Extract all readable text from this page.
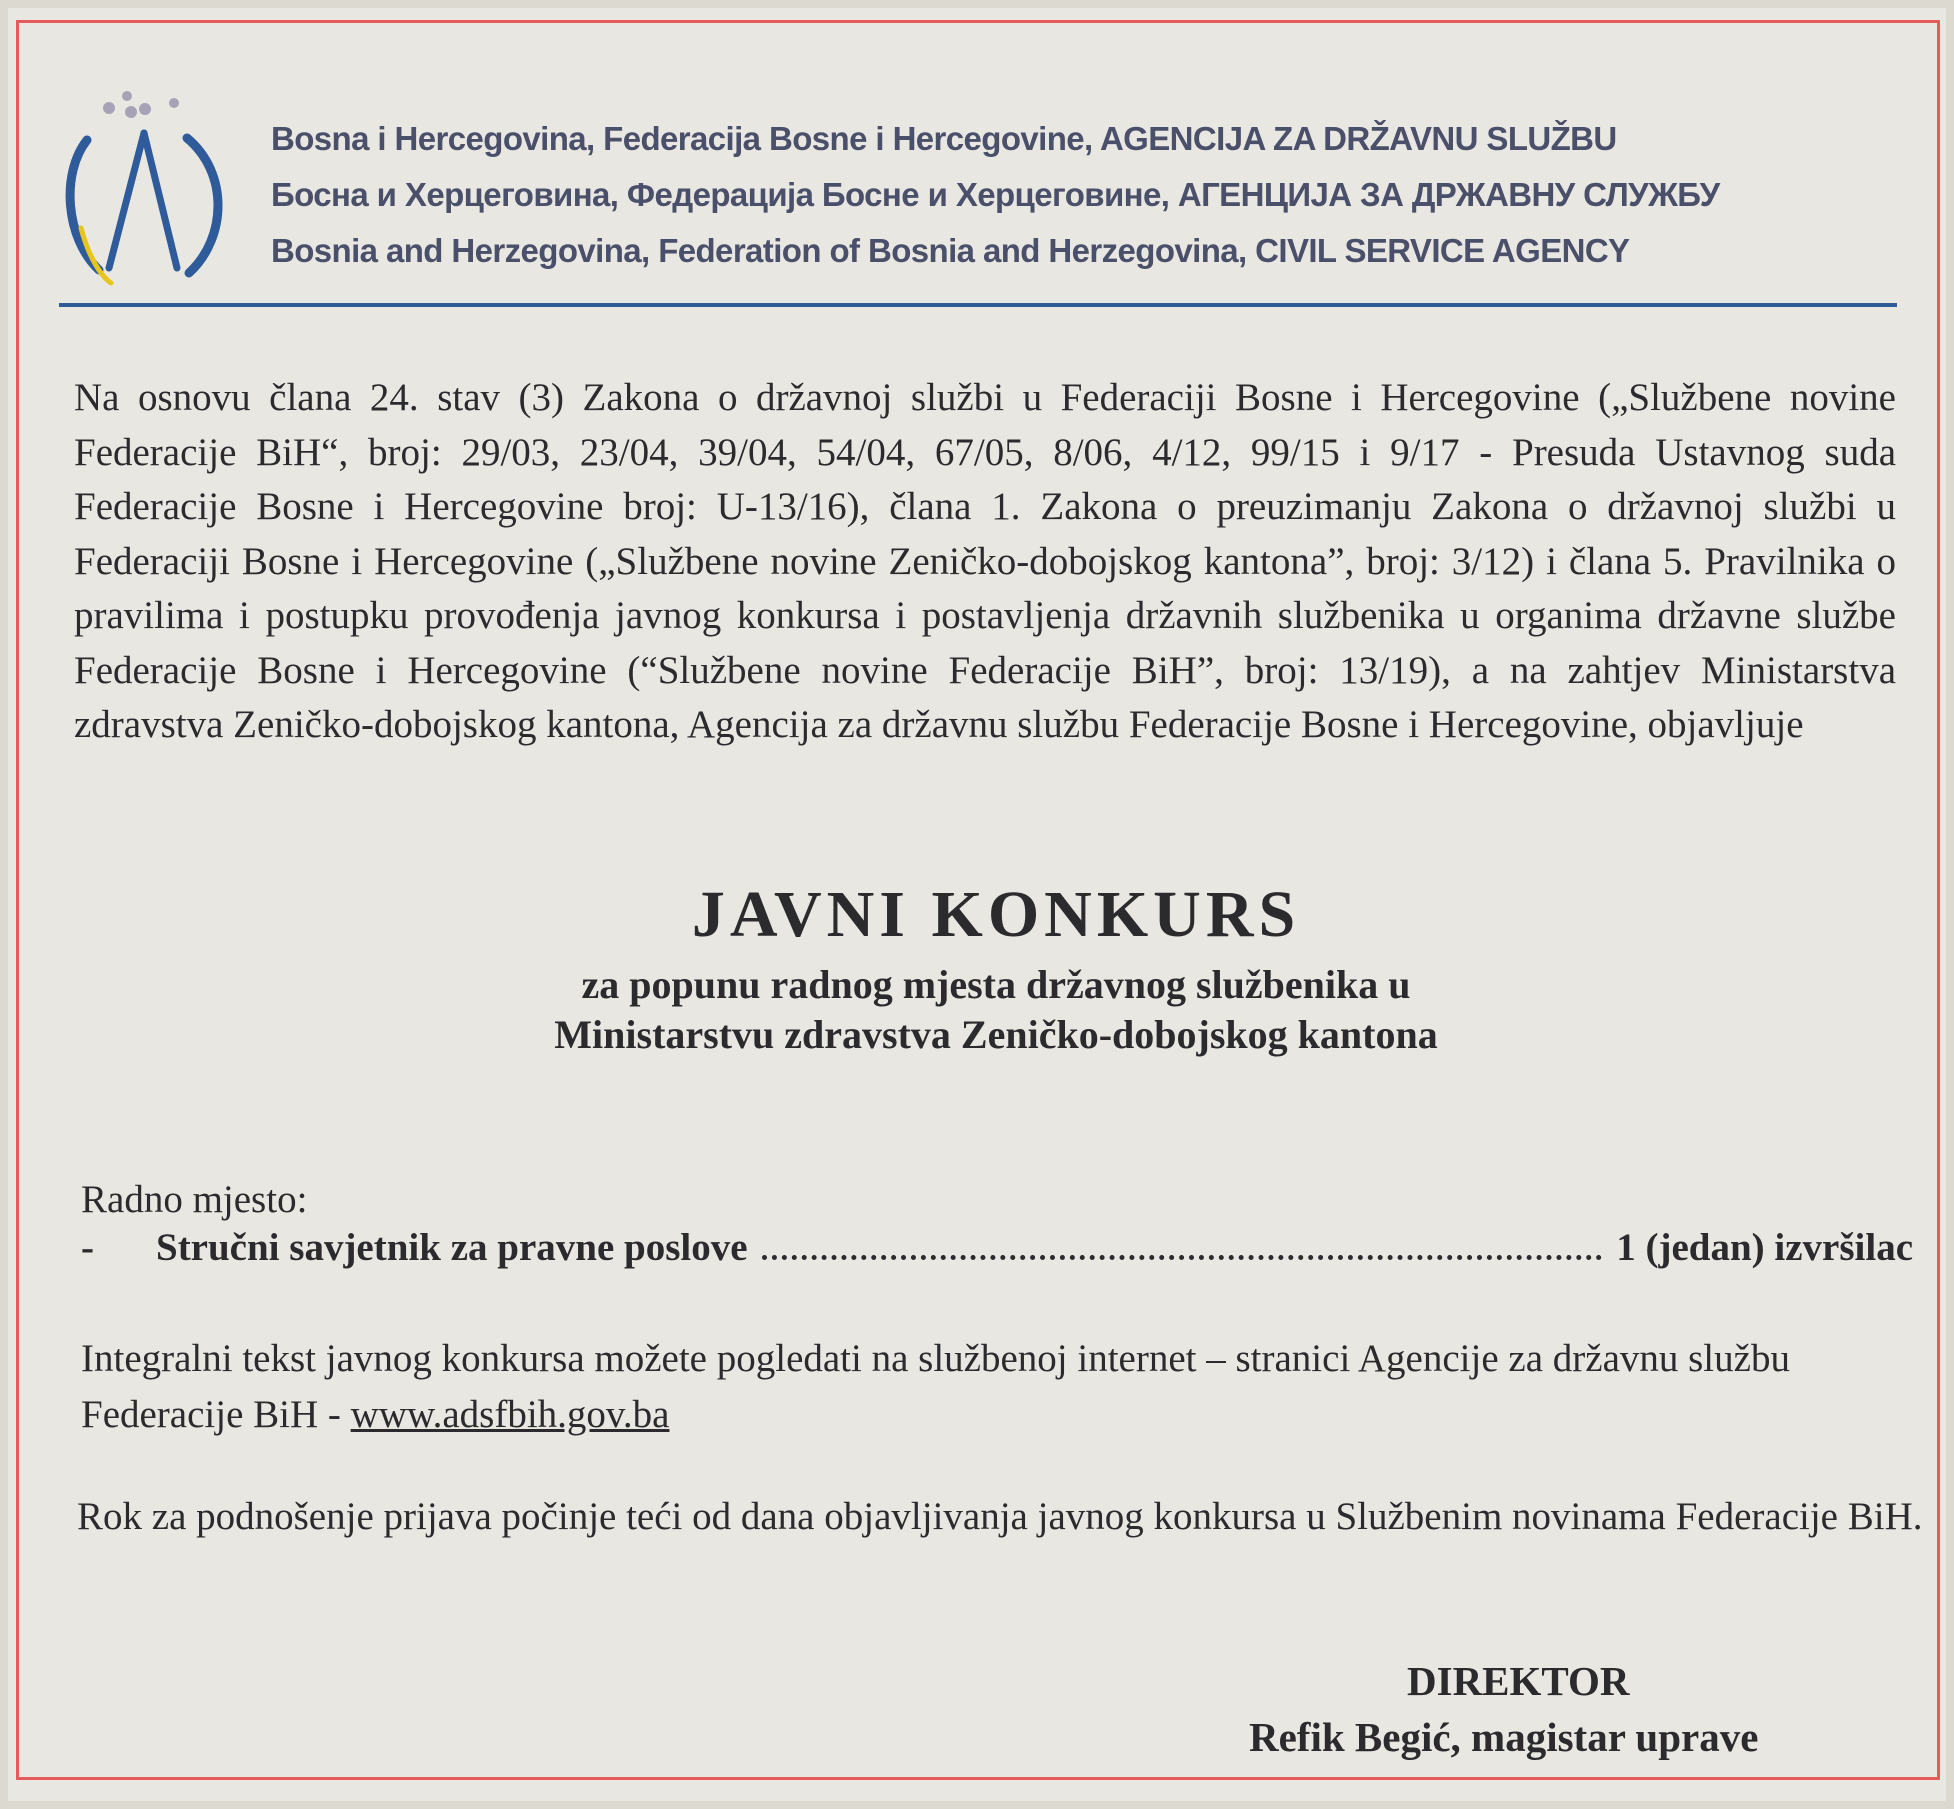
Bosna i Hercegovina, Federacija Bosne i Hercegovine, AGENCIJA ZA DRŽAVNU SLUŽBU
Босна и Херцеговина, Федерација Босне и Херцеговине, АГЕНЦИЈА ЗА ДРЖАВНУ СЛУЖБУ
Bosnia and Herzegovina, Federation of Bosnia and Herzegovina, CIVIL SERVICE AGENCY
Na osnovu člana 24. stav (3) Zakona o državnoj službi u Federaciji Bosne i Hercegovine („Službene novine Federacije BiH“, broj: 29/03, 23/04, 39/04, 54/04, 67/05, 8/06, 4/12, 99/15 i 9/17 - Presuda Ustavnog suda Federacije Bosne i Hercegovine broj: U-13/16), člana 1. Zakona o preuzimanju Zakona o državnoj službi u Federaciji Bosne i Hercegovine („Službene novine Zeničko-dobojskog kantona”, broj: 3/12) i člana 5. Pravilnika o pravilima i postupku provođenja javnog konkursa i postavljenja državnih službenika u organima državne službe Federacije Bosne i Hercegovine (“Službene novine Federacije BiH”, broj: 13/19), a na zahtjev Ministarstva zdravstva Zeničko-dobojskog kantona, Agencija za državnu službu Federacije Bosne i Hercegovine, objavljuje
JAVNI KONKURS
za popunu radnog mjesta državnog službenika u
Ministarstvu zdravstva Zeničko-dobojskog kantona
Radno mjesto:
-	Stručni savjetnik za pravne poslove	1 (jedan) izvršilac
Integralni tekst javnog konkursa možete pogledati na službenoj internet – stranici Agencije za državnu službu Federacije BiH - www.adsfbih.gov.ba
Rok za podnošenje prijava počinje teći od dana objavljivanja javnog konkursa u Službenim novinama Federacije BiH.
DIREKTOR
Refik Begić, magistar uprave
